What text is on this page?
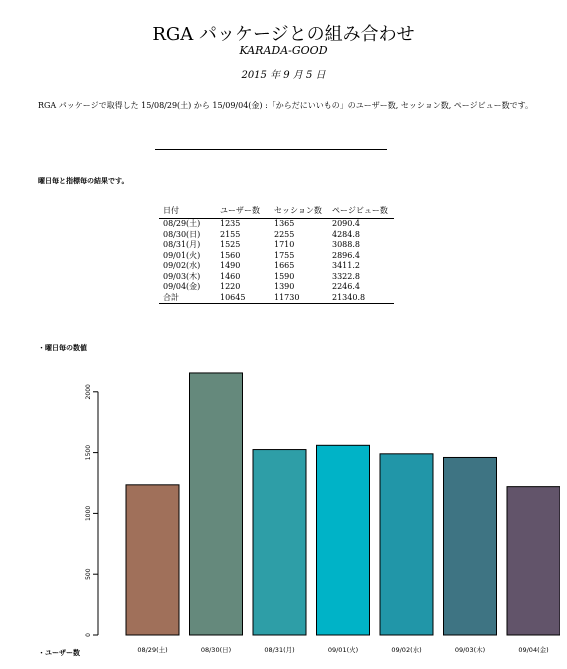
RGA パッケージとの組み合わせ
KARADA-GOOD
2015 年 9 月 5 日
RGA パッケージで取得した 15/08/29(土) から 15/09/04(金) :「からだにいいもの」のユーザー数, セッション数, ページビュー数です。
曜日毎と指標毎の結果です。
日付	ユーザー数	セッション数	ページビュー数
08/29(土)	1235	1365	2090.4
08/30(日)	2155	2255	4284.8
08/31(月)	1525	1710	3088.8
09/01(火)	1560	1755	2896.4
09/02(水)	1490	1665	3411.2
09/03(木)	1460	1590	3322.8
09/04(金)	1220	1390	2246.4
合計	10645	11730	21340.8
・曜日毎の数値
0
500
1000
1500
2000
08/29(土)	08/30(日)	08/31(月)	09/01(火)	09/02(水)	09/03(木)	09/04(金)
・ユーザー数
